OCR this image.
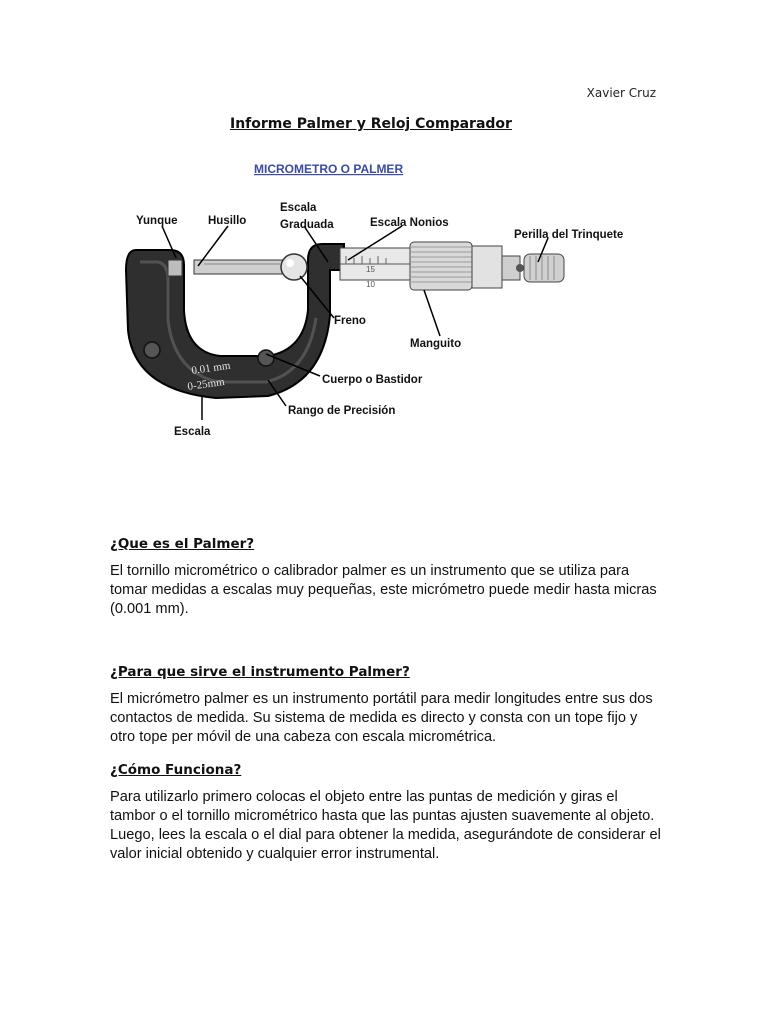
Xavier Cruz
Informe Palmer y Reloj Comparador
MICROMETRO O PALMER
0.01 mm
0-25mm
15
10
Yunque	Husillo
Escala
Graduada	Escala Nonios
Perilla del Trinquete
Freno
Manguito
Cuerpo o Bastidor
Rango de Precisión
Escala
¿Que es el Palmer?

El tornillo micrométrico o calibrador palmer es un instrumento que se utiliza para tomar medidas a escalas muy pequeñas, este micrómetro puede medir hasta micras (0.001 mm).

¿Para que sirve el instrumento Palmer?

El micrómetro palmer es un instrumento portátil para medir longitudes entre sus dos contactos de medida. Su sistema de medida es directo y consta con un tope fijo y otro tope per móvil de una cabeza con escala micrométrica.

¿Cómo Funciona?

Para utilizarlo primero colocas el objeto entre las puntas de medición y giras el tambor o el tornillo micrométrico hasta que las puntas ajusten suavemente al objeto. Luego, lees la escala o el dial para obtener la medida, asegurándote de considerar el valor inicial obtenido y cualquier error instrumental.
